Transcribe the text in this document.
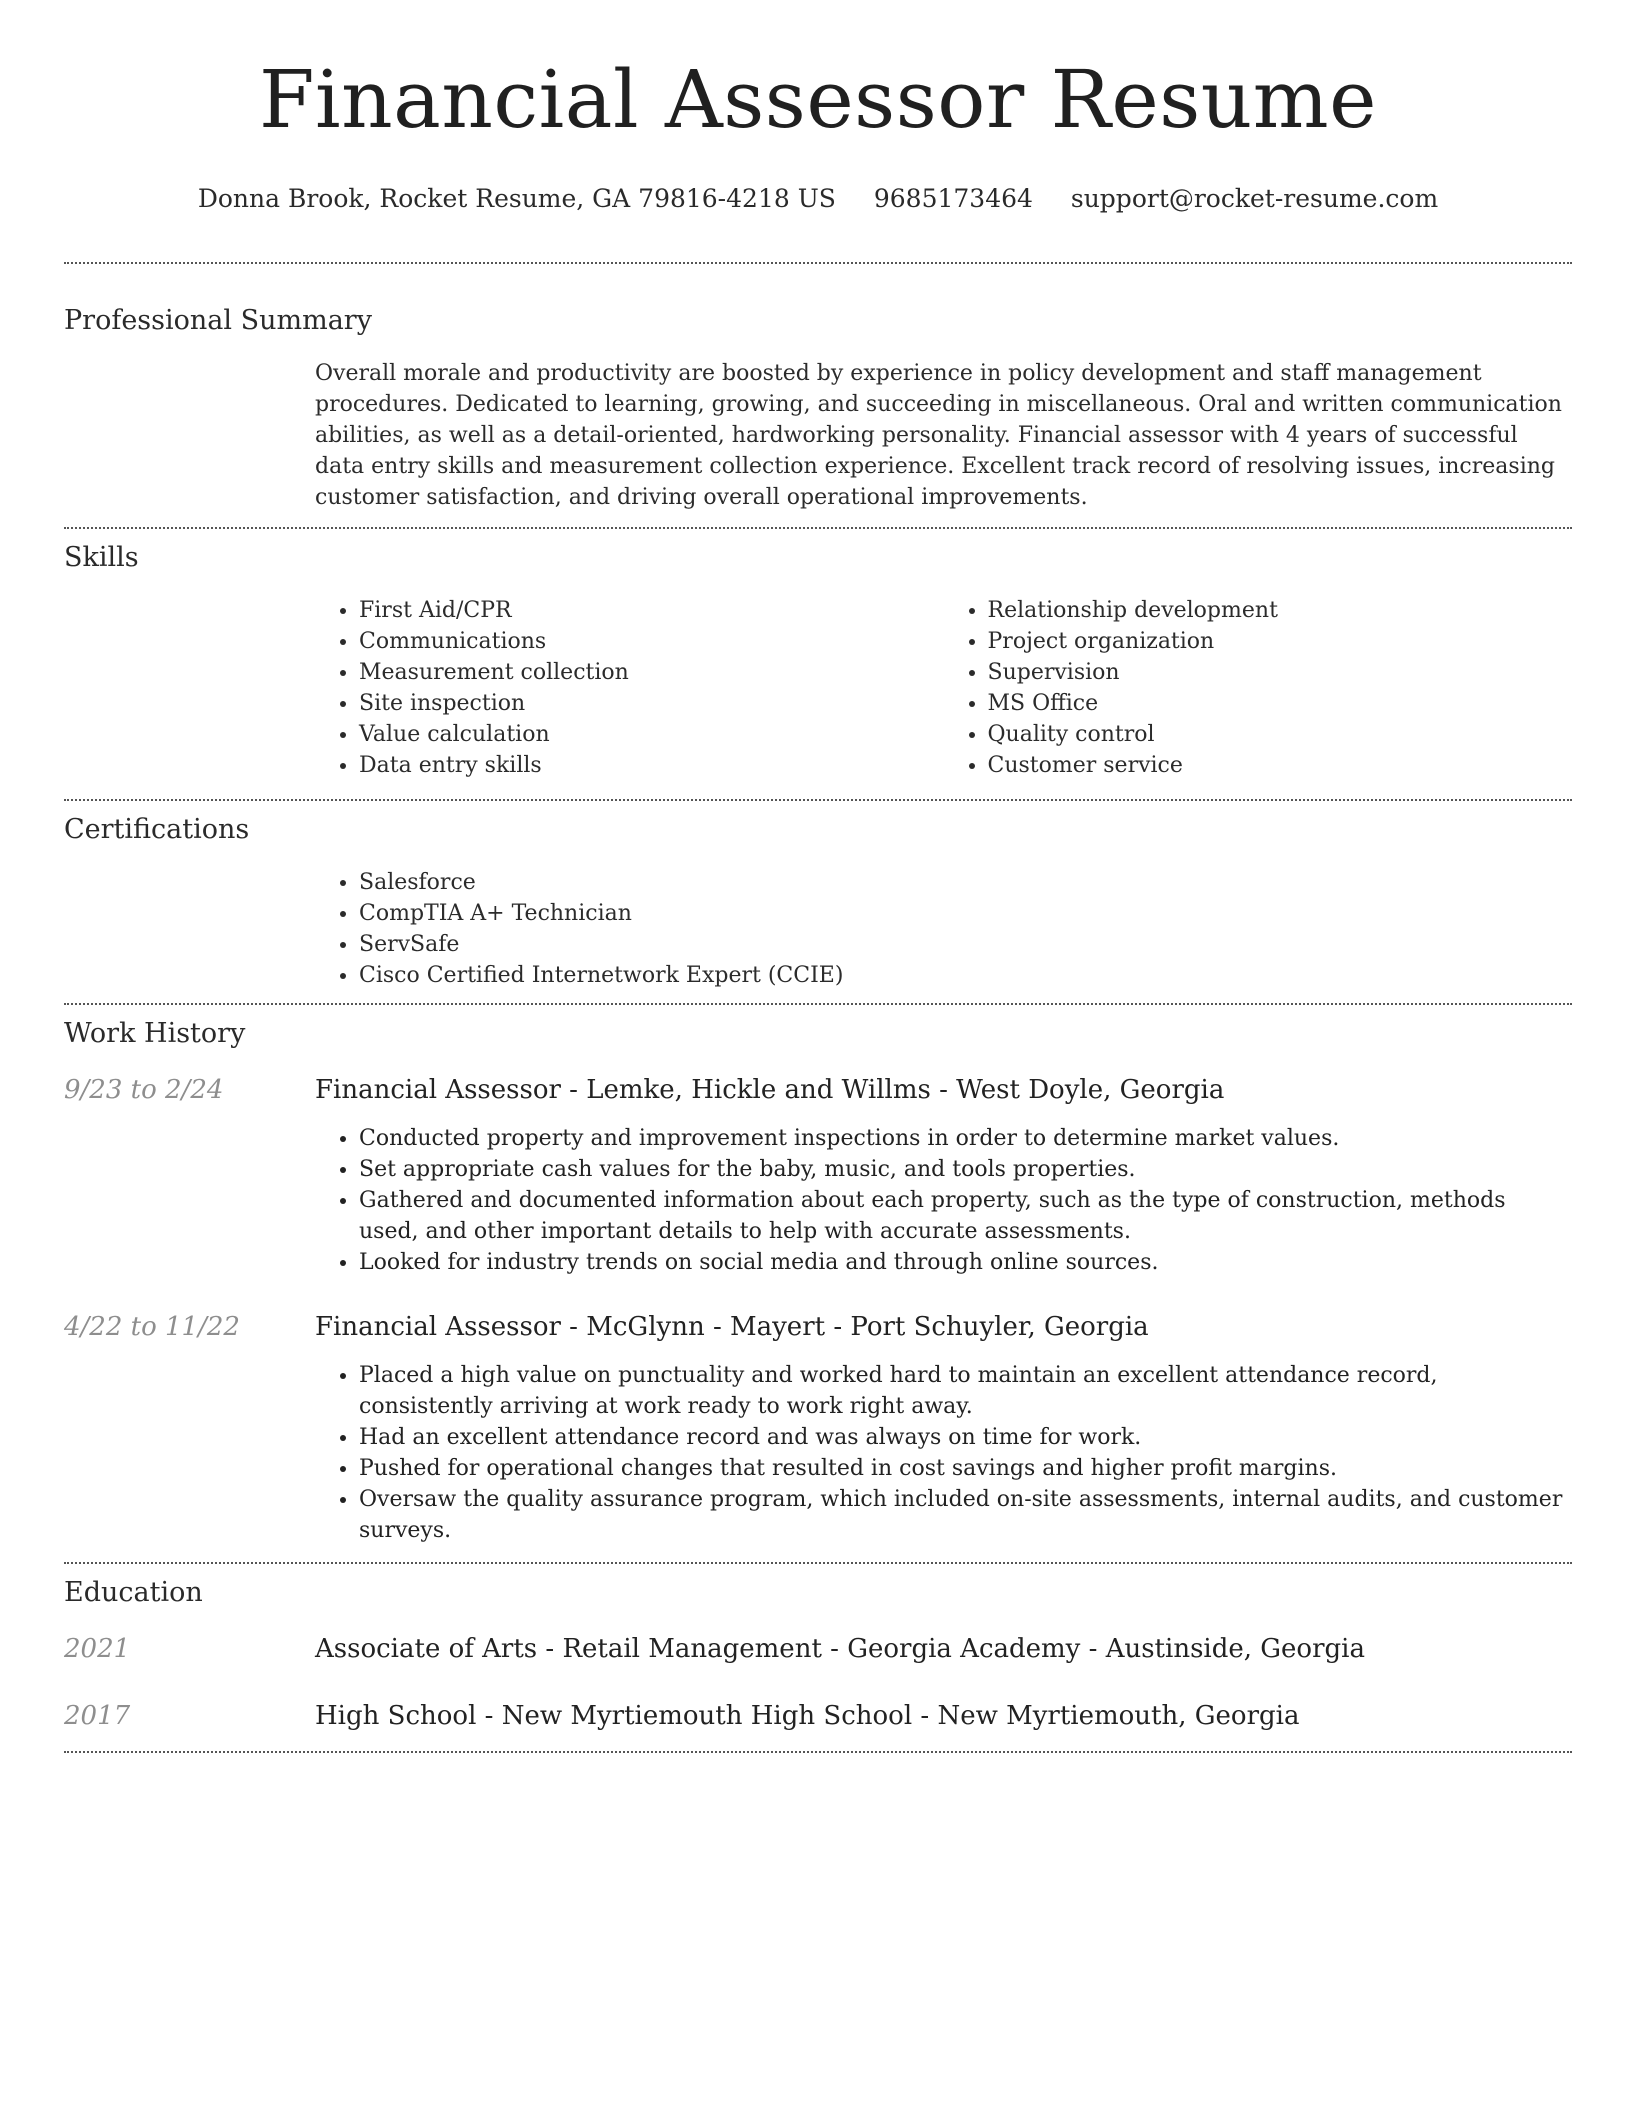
Financial Assessor Resume
Donna Brook, Rocket Resume, GA 79816-4218 US 9685173464 support@rocket-resume.com
Professional Summary

Overall morale and productivity are boosted by experience in policy development and staff management procedures. Dedicated to learning, growing, and succeeding in miscellaneous. Oral and written communication abilities, as well as a detail-oriented, hardworking personality. Financial assessor with 4 years of successful data entry skills and measurement collection experience. Excellent track record of resolving issues, increasing customer satisfaction, and driving overall operational improvements.

Skills
• First Aid/CPR
• Communications
• Measurement collection
• Site inspection
• Value calculation
• Data entry skills
• Relationship development
• Project organization
• Supervision
• MS Office
• Quality control
• Customer service
Certifications
• Salesforce
• CompTIA A+ Technician
• ServSafe
• Cisco Certified Internetwork Expert (CCIE)
Work History
9/23 to 2/24	Financial Assessor - Lemke, Hickle and Willms - West Doyle, Georgia
• Conducted property and improvement inspections in order to determine market values.
• Set appropriate cash values for the baby, music, and tools properties.
• Gathered and documented information about each property, such as the type of construction, methods used, and other important details to help with accurate assessments.
• Looked for industry trends on social media and through online sources.
4/22 to 11/22	Financial Assessor - McGlynn - Mayert - Port Schuyler, Georgia
• Placed a high value on punctuality and worked hard to maintain an excellent attendance record, consistently arriving at work ready to work right away.
• Had an excellent attendance record and was always on time for work.
• Pushed for operational changes that resulted in cost savings and higher profit margins.
• Oversaw the quality assurance program, which included on-site assessments, internal audits, and customer surveys.
Education
2021	Associate of Arts - Retail Management - Georgia Academy - Austinside, Georgia
2017	High School - New Myrtiemouth High School - New Myrtiemouth, Georgia
